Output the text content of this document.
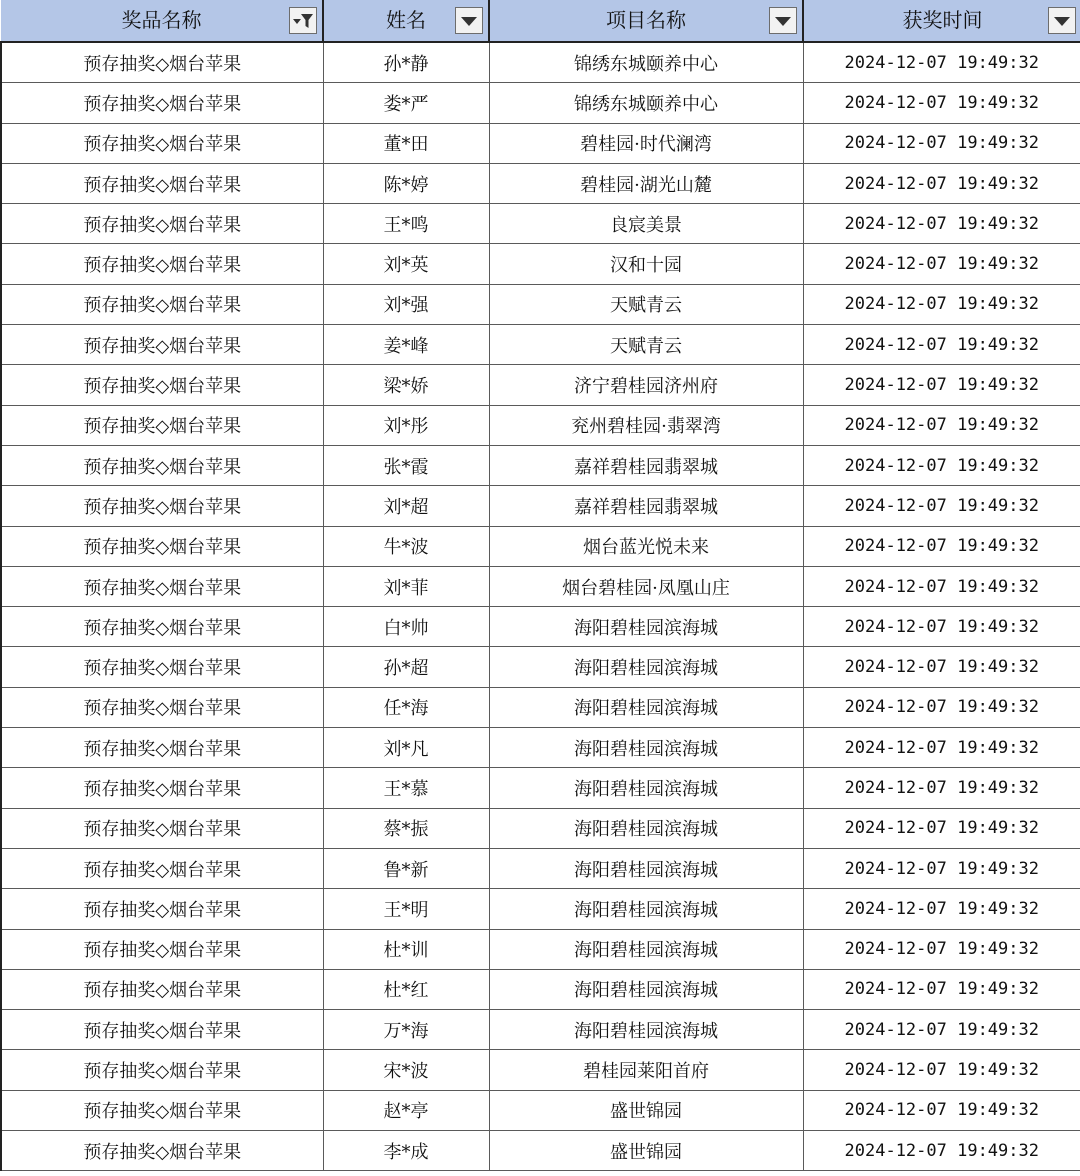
奖品名称	姓名	项目名称	获奖时间

预存抽奖◇烟台苹果	孙*静	锦绣东城颐养中心	2024-12-07 19:49:32
预存抽奖◇烟台苹果	娄*严	锦绣东城颐养中心	2024-12-07 19:49:32
预存抽奖◇烟台苹果	董*田	碧桂园·时代澜湾	2024-12-07 19:49:32
预存抽奖◇烟台苹果	陈*婷	碧桂园·湖光山麓	2024-12-07 19:49:32
预存抽奖◇烟台苹果	王*鸣	良宸美景	2024-12-07 19:49:32
预存抽奖◇烟台苹果	刘*英	汉和十园	2024-12-07 19:49:32
预存抽奖◇烟台苹果	刘*强	天赋青云	2024-12-07 19:49:32
预存抽奖◇烟台苹果	姜*峰	天赋青云	2024-12-07 19:49:32
预存抽奖◇烟台苹果	梁*娇	济宁碧桂园济州府	2024-12-07 19:49:32
预存抽奖◇烟台苹果	刘*彤	兖州碧桂园·翡翠湾	2024-12-07 19:49:32
预存抽奖◇烟台苹果	张*霞	嘉祥碧桂园翡翠城	2024-12-07 19:49:32
预存抽奖◇烟台苹果	刘*超	嘉祥碧桂园翡翠城	2024-12-07 19:49:32
预存抽奖◇烟台苹果	牛*波	烟台蓝光悦未来	2024-12-07 19:49:32
预存抽奖◇烟台苹果	刘*菲	烟台碧桂园·凤凰山庄	2024-12-07 19:49:32
预存抽奖◇烟台苹果	白*帅	海阳碧桂园滨海城	2024-12-07 19:49:32
预存抽奖◇烟台苹果	孙*超	海阳碧桂园滨海城	2024-12-07 19:49:32
预存抽奖◇烟台苹果	任*海	海阳碧桂园滨海城	2024-12-07 19:49:32
预存抽奖◇烟台苹果	刘*凡	海阳碧桂园滨海城	2024-12-07 19:49:32
预存抽奖◇烟台苹果	王*慕	海阳碧桂园滨海城	2024-12-07 19:49:32
预存抽奖◇烟台苹果	蔡*振	海阳碧桂园滨海城	2024-12-07 19:49:32
预存抽奖◇烟台苹果	鲁*新	海阳碧桂园滨海城	2024-12-07 19:49:32
预存抽奖◇烟台苹果	王*明	海阳碧桂园滨海城	2024-12-07 19:49:32
预存抽奖◇烟台苹果	杜*训	海阳碧桂园滨海城	2024-12-07 19:49:32
预存抽奖◇烟台苹果	杜*红	海阳碧桂园滨海城	2024-12-07 19:49:32
预存抽奖◇烟台苹果	万*海	海阳碧桂园滨海城	2024-12-07 19:49:32
预存抽奖◇烟台苹果	宋*波	碧桂园莱阳首府	2024-12-07 19:49:32
预存抽奖◇烟台苹果	赵*亭	盛世锦园	2024-12-07 19:49:32
预存抽奖◇烟台苹果	李*成	盛世锦园	2024-12-07 19:49:32
